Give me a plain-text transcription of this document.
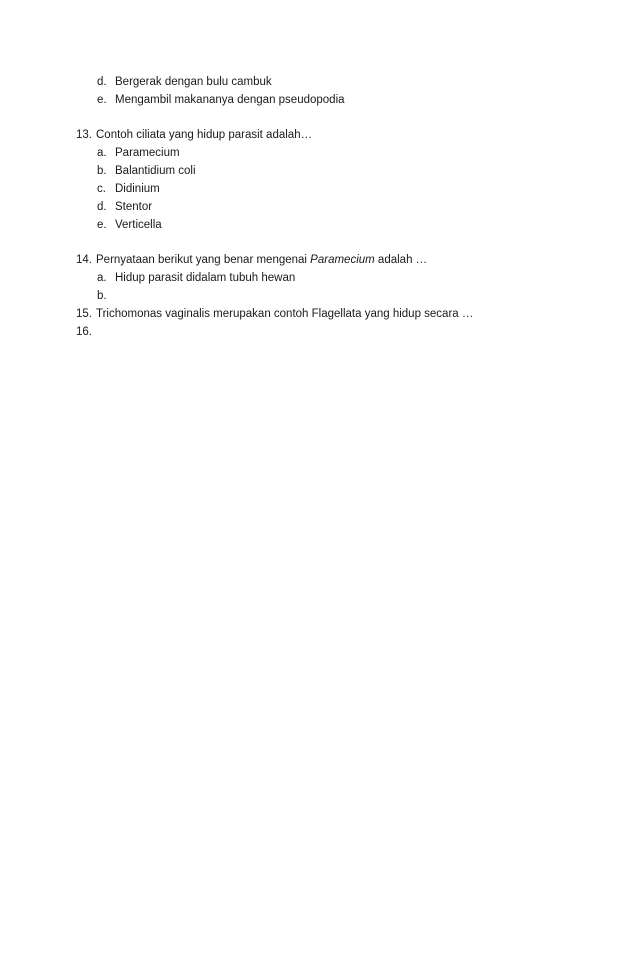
d. Bergerak dengan bulu cambuk
e. Mengambil makananya dengan pseudopodia
13. Contoh ciliata yang hidup parasit adalah…
a. Paramecium
b. Balantidium coli
c. Didinium
d. Stentor
e. Verticella
14. Pernyataan berikut yang benar mengenai Paramecium adalah …
a. Hidup parasit didalam tubuh hewan
b.
15. Trichomonas vaginalis merupakan contoh Flagellata yang hidup secara …
16.
